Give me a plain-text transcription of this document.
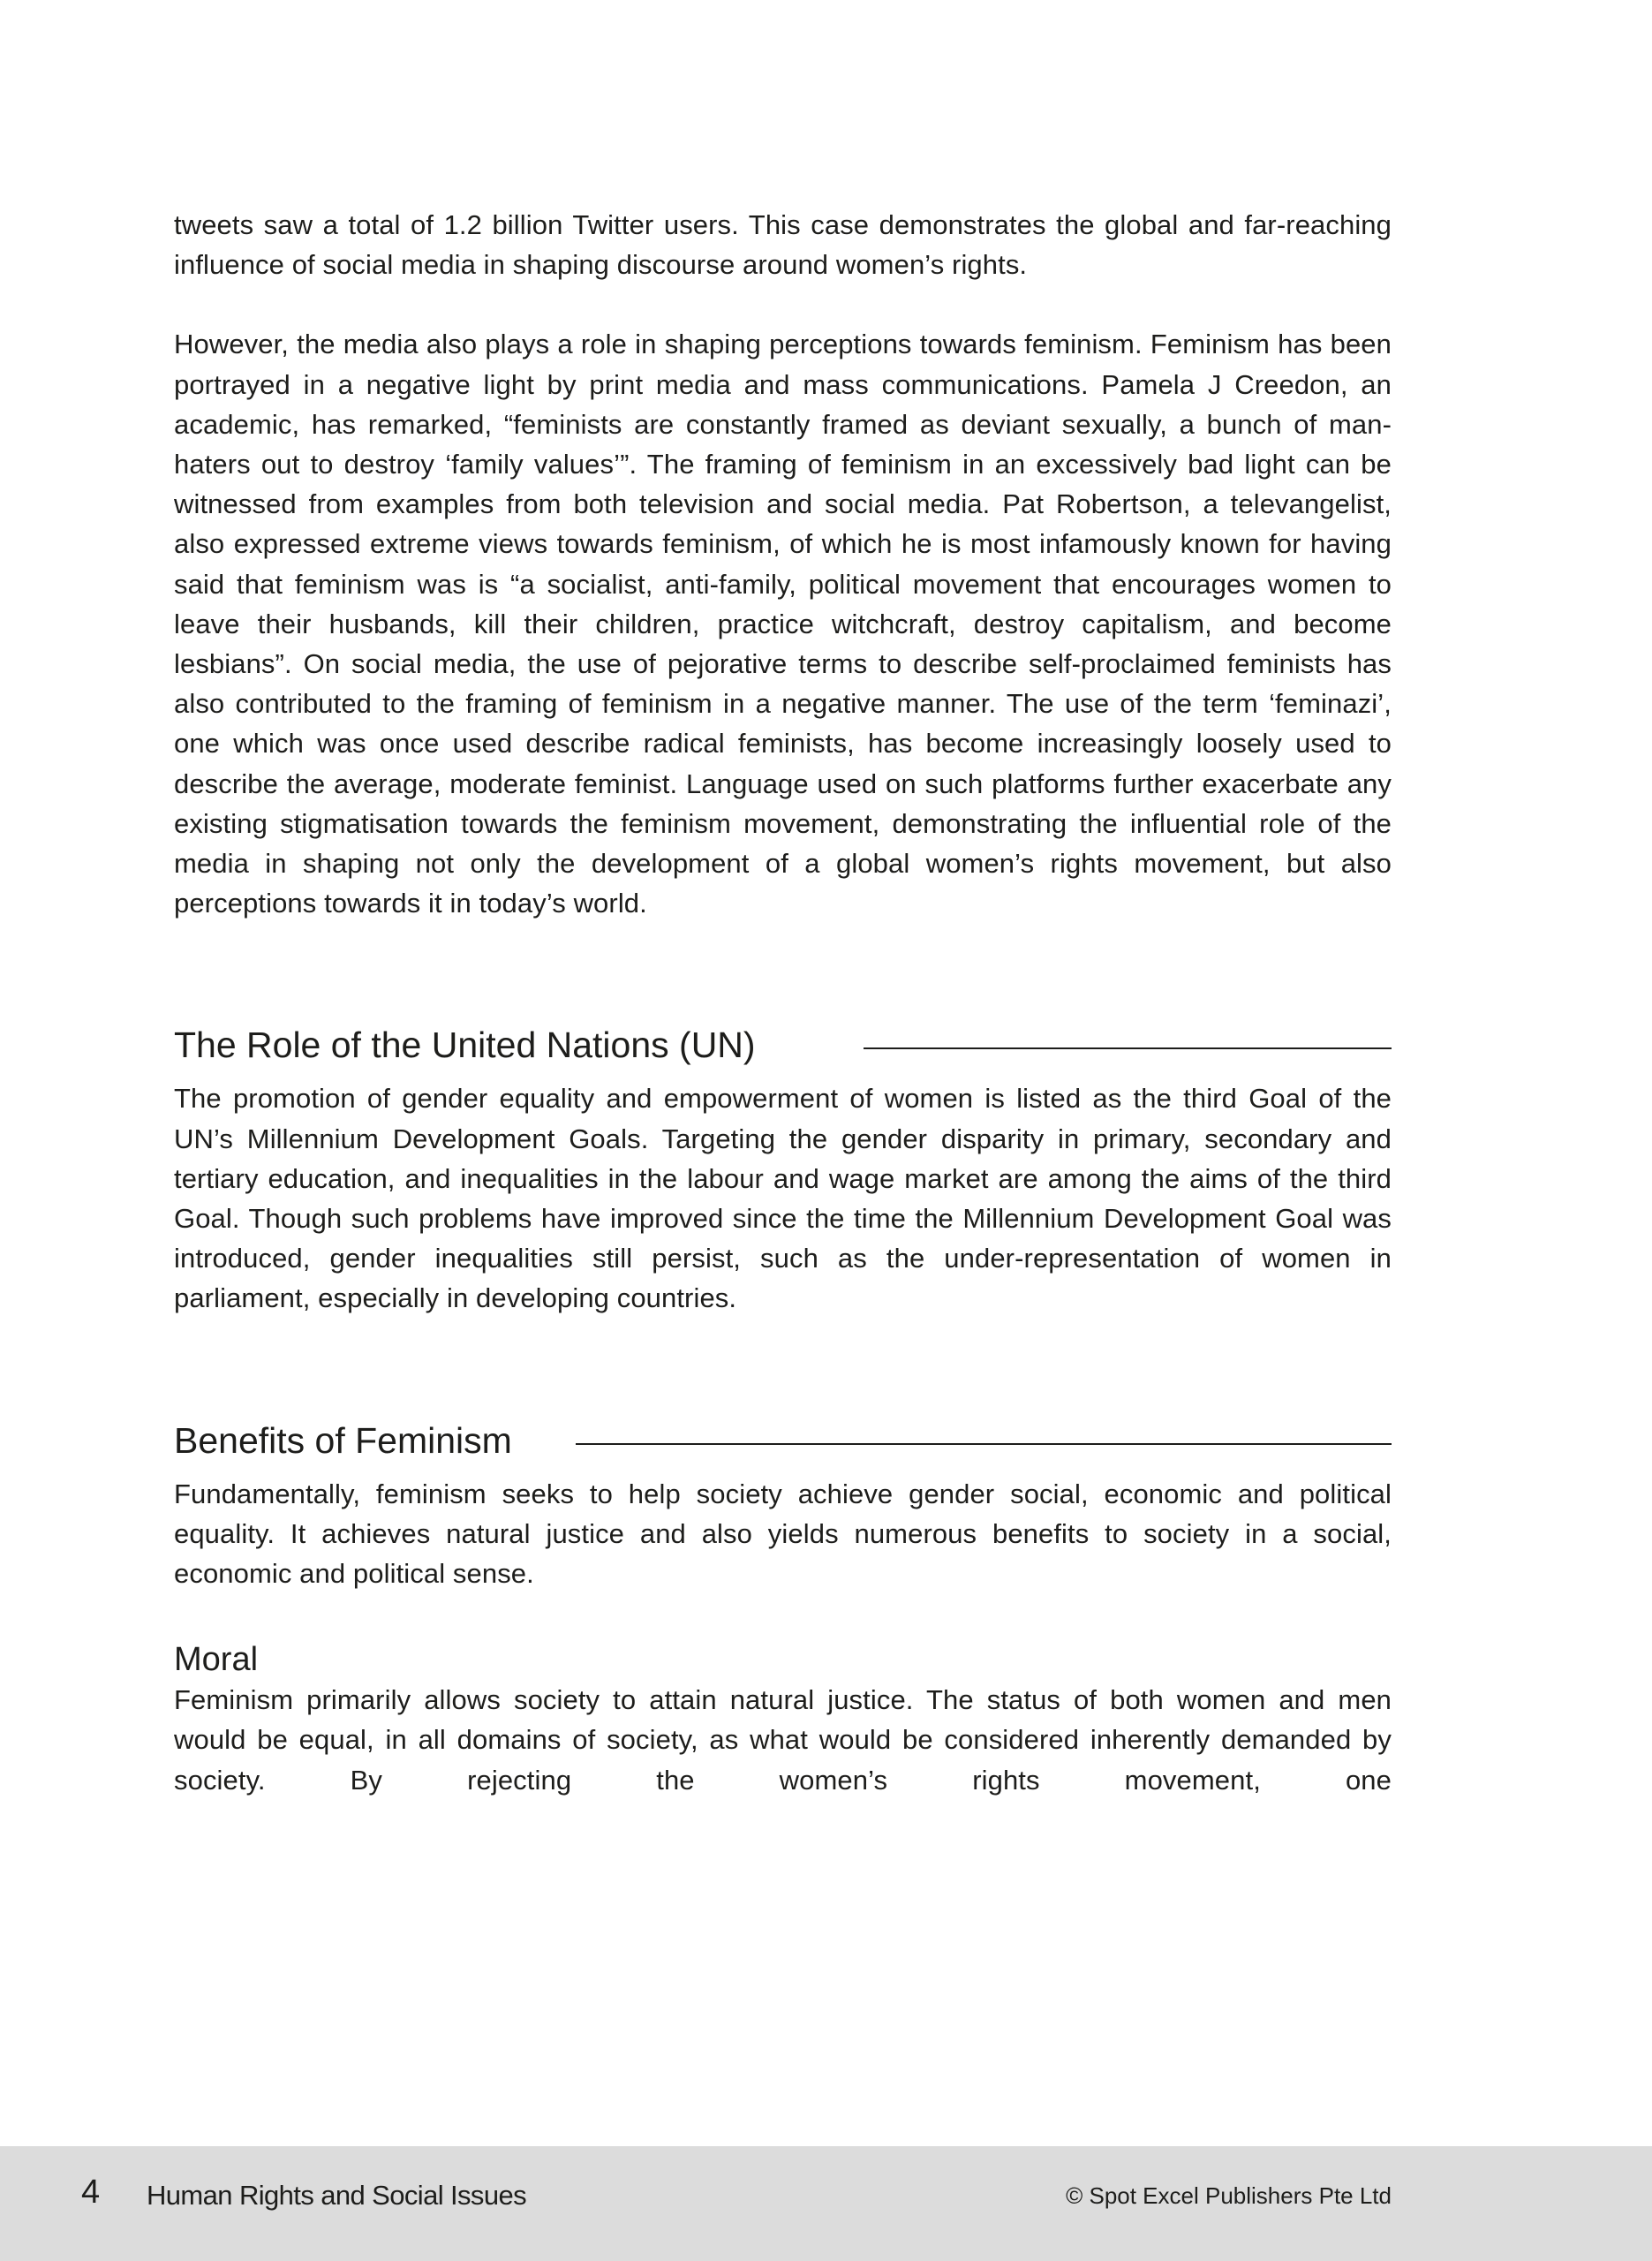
tweets saw a total of 1.2 billion Twitter users. This case demonstrates the global and far-reaching influence of social media in shaping discourse around women’s rights.

However, the media also plays a role in shaping perceptions towards feminism. Feminism has been portrayed in a negative light by print media and mass communications. Pamela J Creedon, an academic, has remarked, “feminists are constantly framed as deviant sexually, a bunch of man-haters out to destroy ‘family values’”. The framing of feminism in an excessively bad light can be witnessed from examples from both television and social media. Pat Robertson, a televangelist, also expressed extreme views towards feminism, of which he is most infamously known for having said that feminism was is “a socialist, anti-family, political movement that encourages women to leave their husbands, kill their children, practice witchcraft, destroy capitalism, and become lesbians”. On social media, the use of pejorative terms to describe self-proclaimed feminists has also contributed to the framing of feminism in a negative manner. The use of the term ‘feminazi’, one which was once used describe radical feminists, has become increasingly loosely used to describe the average, moderate feminist. Language used on such platforms further exacerbate any existing stigmatisation towards the feminism movement, demonstrating the influential role of the media in shaping not only the development of a global women’s rights movement, but also perceptions towards it in today’s world.

The Role of the United Nations (UN)

The promotion of gender equality and empowerment of women is listed as the third Goal of the UN’s Millennium Development Goals. Targeting the gender disparity in primary, secondary and tertiary education, and inequalities in the labour and wage market are among the aims of the third Goal. Though such problems have improved since the time the Millennium Development Goal was introduced, gender inequalities still persist, such as the under-representation of women in parliament, especially in developing countries.

Benefits of Feminism

Fundamentally, feminism seeks to help society achieve gender social, economic and political equality. It achieves natural justice and also yields numerous benefits to society in a social, economic and political sense.

Moral

Feminism primarily allows society to attain natural justice. The status of both women and men would be equal, in all domains of society, as what would be considered inherently demanded by society. By rejecting the women’s rights movement, one

4 Human Rights and Social Issues	© Spot Excel Publishers Pte Ltd
